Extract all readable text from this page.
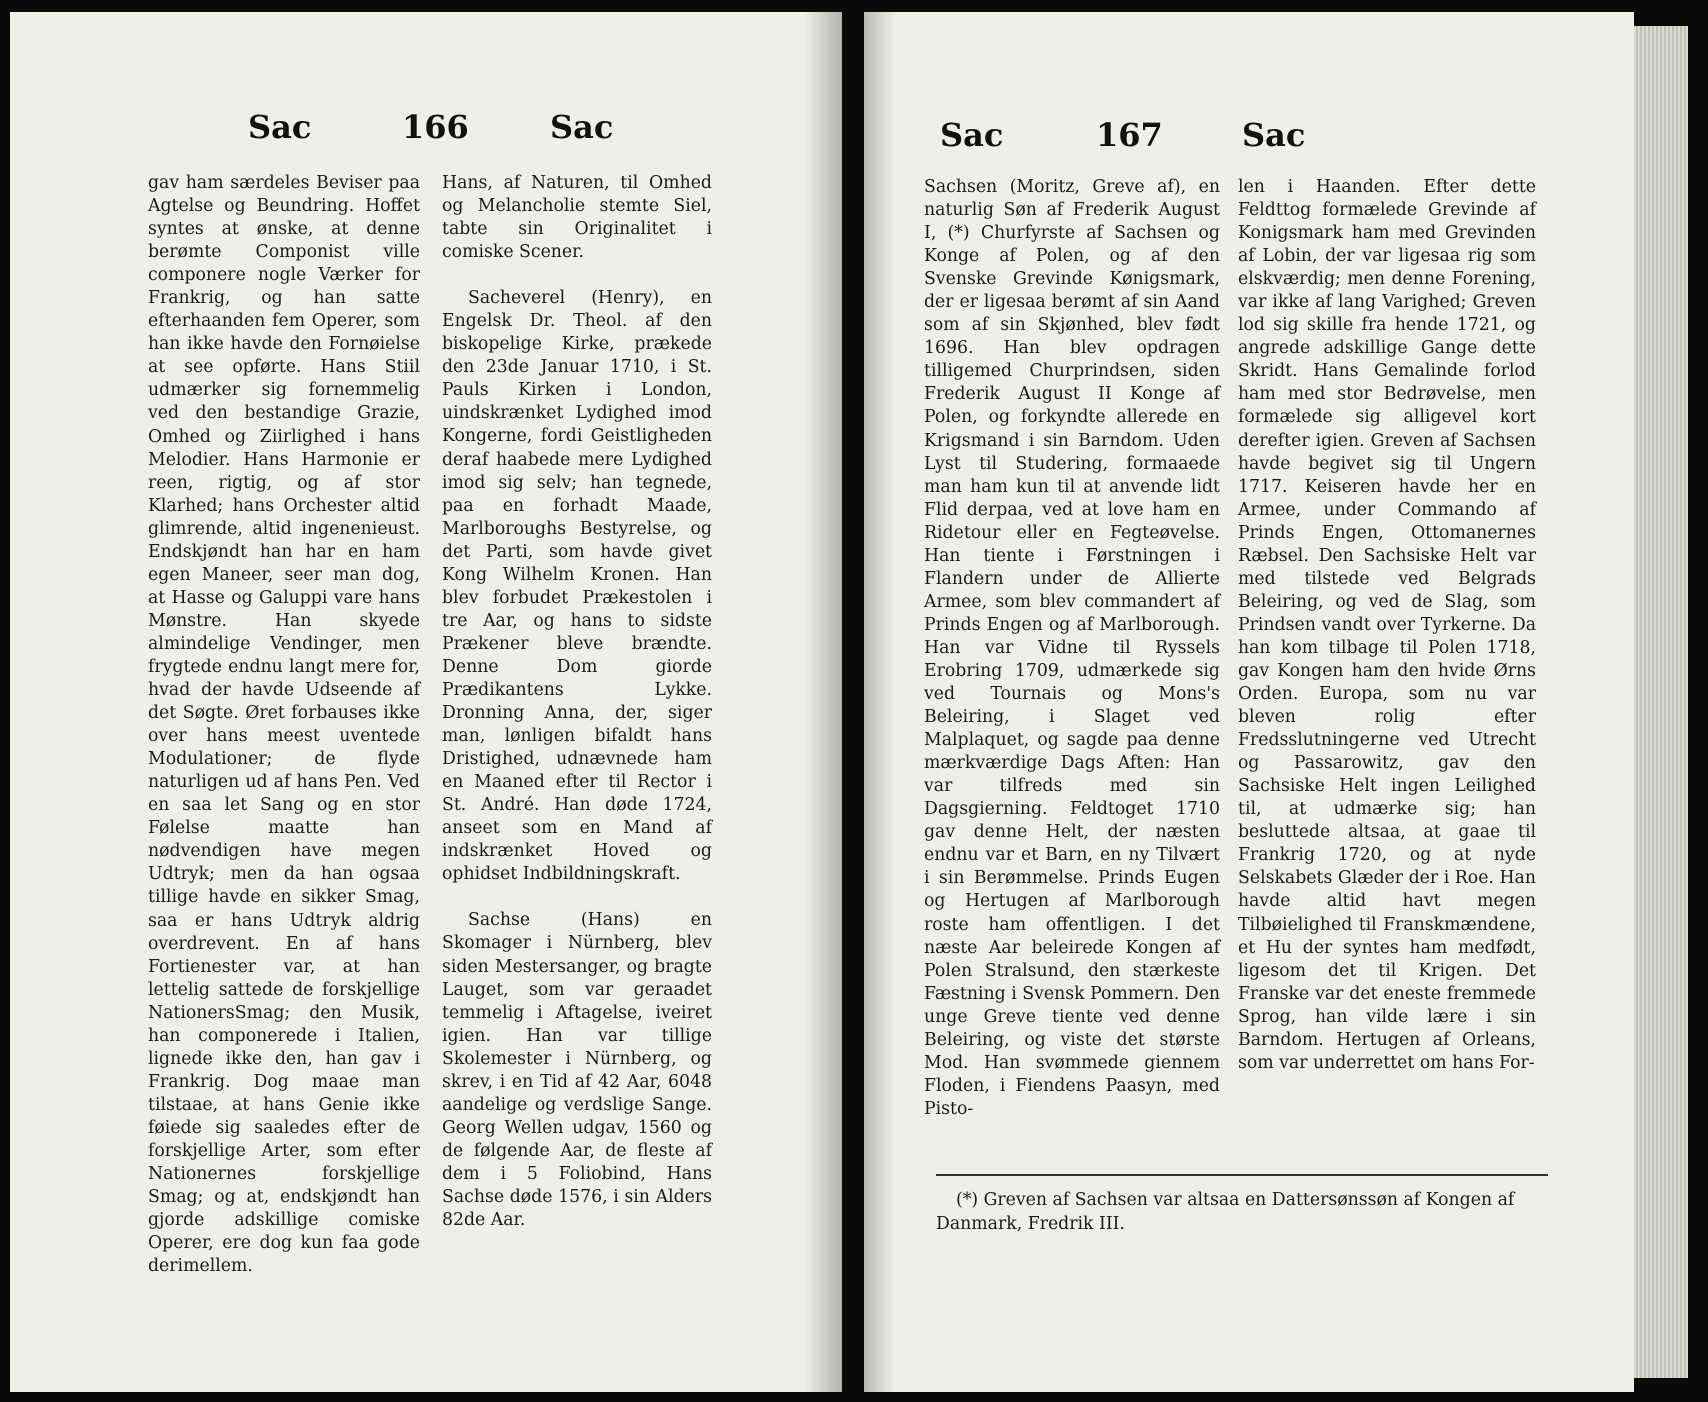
Sac	166	Sac

gav ham særdeles Beviser paa Agtelse og Beundring. Hoffet syntes at ønske, at denne berømte Componist ville componere nogle Værker for Frankrig, og han satte efterhaanden fem Operer, som han ikke havde den Fornøielse at see opførte. Hans Stiil udmærker sig fornemmelig ved den bestandige Grazie, Omhed og Ziirlighed i hans Melodier. Hans Harmonie er reen, rigtig, og af stor Klarhed; hans Orchester altid glimrende, altid ingenenieust. Endskjøndt han har en ham egen Maneer, seer man dog, at Hasse og Galuppi vare hans Mønstre. Han skyede almindelige Vendinger, men frygtede endnu langt mere for, hvad der havde Udseende af det Søgte. Øret forbauses ikke over hans meest uventede Modulationer; de flyde naturligen ud af hans Pen. Ved en saa let Sang og en stor Følelse maatte han nødvendigen have megen Udtryk; men da han ogsaa tillige havde en sikker Smag, saa er hans Udtryk aldrig overdrevent. En af hans Fortienester var, at han lettelig sattede de forskjellige NationersSmag; den Musik, han componerede i Italien, lignede ikke den, han gav i Frankrig. Dog maae man tilstaae, at hans Genie ikke føiede sig saaledes efter de forskjellige Arter, som efter Nationernes forskjellige Smag; og at, endskjøndt han gjorde adskillige comiske Operer, ere dog kun faa gode derimellem.

Hans, af Naturen, til Omhed og Melancholie stemte Siel, tabte sin Originalitet i comiske Scener.

Sacheverel (Henry), en Engelsk Dr. Theol. af den biskopelige Kirke, prækede den 23de Januar 1710, i St. Pauls Kirken i London, uindskrænket Lydighed imod Kongerne, fordi Geistligheden deraf haabede mere Lydighed imod sig selv; han tegnede, paa en forhadt Maade, Marlboroughs Bestyrelse, og det Parti, som havde givet Kong Wilhelm Kronen. Han blev forbudet Prækestolen i tre Aar, og hans to sidste Prækener bleve brændte. Denne Dom giorde Prædikantens Lykke. Dronning Anna, der, siger man, lønligen bifaldt hans Dristighed, udnævnede ham en Maaned efter til Rector i St. André. Han døde 1724, anseet som en Mand af indskrænket Hoved og ophidset Indbildningskraft.

Sachse (Hans) en Skomager i Nürnberg, blev siden Mestersanger, og bragte Lauget, som var geraadet temmelig i Aftagelse, iveiret igien. Han var tillige Skolemester i Nürnberg, og skrev, i en Tid af 42 Aar, 6048 aandelige og verdslige Sange. Georg Wellen udgav, 1560 og de følgende Aar, de fleste af dem i 5 Foliobind, Hans Sachse døde 1576, i sin Alders 82de Aar.

Sac	167 Sac

Sachsen (Moritz, Greve af), en naturlig Søn af Frederik August I, (*) Churfyrste af Sachsen og Konge af Polen, og af den Svenske Grevinde Kønigsmark, der er ligesaa berømt af sin Aand som af sin Skjønhed, blev født 1696. Han blev opdragen tilligemed Churprindsen, siden Frederik August II Konge af Polen, og forkyndte allerede en Krigsmand i sin Barndom. Uden Lyst til Studering, formaaede man ham kun til at anvende lidt Flid derpaa, ved at love ham en Ridetour eller en Fegteøvelse. Han tiente i Førstningen i Flandern under de Allierte Armee, som blev commandert af Prinds Engen og af Marlborough. Han var Vidne til Ryssels Erobring 1709, udmærkede sig ved Tournais og Mons's Beleiring, i Slaget ved Malplaquet, og sagde paa denne mærkværdige Dags Aften: Han var tilfreds med sin Dagsgierning. Feldtoget 1710 gav denne Helt, der næsten endnu var et Barn, en ny Tilvært i sin Berømmelse. Prinds Eugen og Hertugen af Marlborough roste ham offentligen. I det næste Aar beleirede Kongen af Polen Stralsund, den stærkeste Fæstning i Svensk Pommern. Den unge Greve tiente ved denne Beleiring, og viste det største Mod. Han svømmede giennem Floden, i Fiendens Paasyn, med Pisto-

len i Haanden. Efter dette Feldttog formælede Grevinde af Konigsmark ham med Grevinden af Lobin, der var ligesaa rig som elskværdig; men denne Forening, var ikke af lang Varighed; Greven lod sig skille fra hende 1721, og angrede adskillige Gange dette Skridt. Hans Gemalinde forlod ham med stor Bedrøvelse, men formælede sig alligevel kort derefter igien. Greven af Sachsen havde begivet sig til Ungern 1717. Keiseren havde her en Armee, under Commando af Prinds Engen, Ottomanernes Ræbsel. Den Sachsiske Helt var med tilstede ved Belgrads Beleiring, og ved de Slag, som Prindsen vandt over Tyrkerne. Da han kom tilbage til Polen 1718, gav Kongen ham den hvide Ørns Orden. Europa, som nu var bleven rolig efter Fredsslutningerne ved Utrecht og Passarowitz, gav den Sachsiske Helt ingen Leilighed til, at udmærke sig; han besluttede altsaa, at gaae til Frankrig 1720, og at nyde Selskabets Glæder der i Roe. Han havde altid havt megen Tilbøielighed til Franskmændene, et Hu der syntes ham medfødt, ligesom det til Krigen. Det Franske var det eneste fremmede Sprog, han vilde lære i sin Barndom. Hertugen af Orleans, som var underrettet om hans For-

(*) Greven af Sachsen var altsaa en Dattersønssøn af Kongen af Danmark, Fredrik III.
